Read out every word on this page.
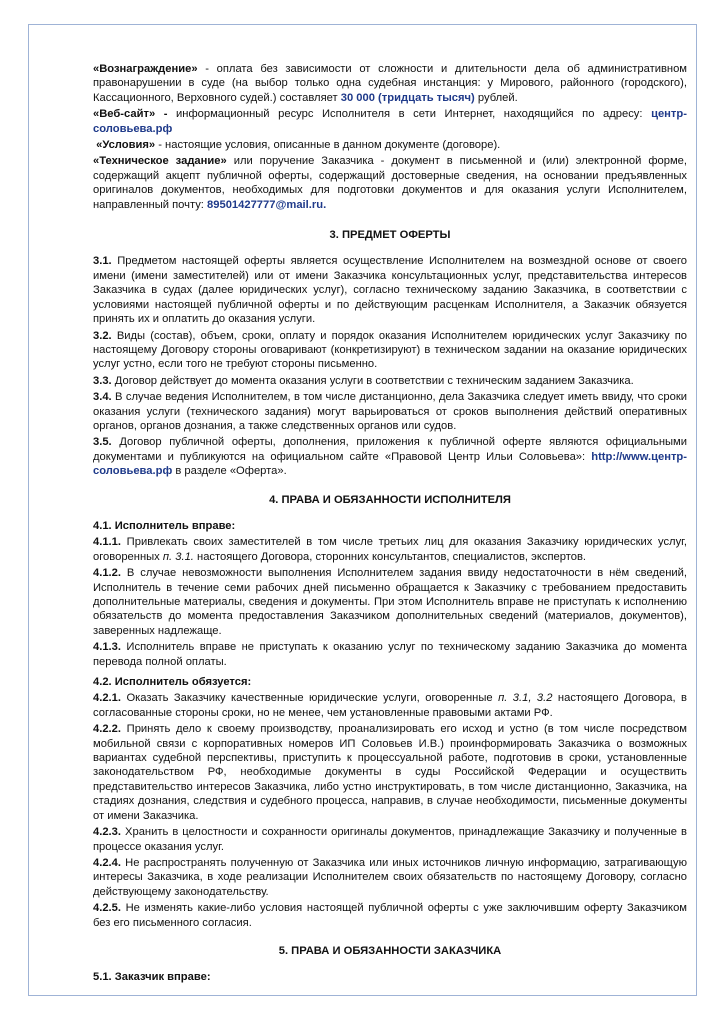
«Вознаграждение» - оплата без зависимости от сложности и длительности дела об административном правонарушении в суде (на выбор только одна судебная инстанция: у Мирового, районного (городского), Кассационного, Верховного судей.) составляет 30 000 (тридцать тысяч) рублей.

«Веб-сайт» - информационный ресурс Исполнителя в сети Интернет, находящийся по адресу: центр-соловьева.рф

«Условия» - настоящие условия, описанные в данном документе (договоре).

«Техническое задание» или поручение Заказчика - документ в письменной и (или) электронной форме, содержащий акцепт публичной оферты, содержащий достоверные сведения, на основании предъявленных оригиналов документов, необходимых для подготовки документов и для оказания услуги Исполнителем, направленный почту: 89501427777@mail.ru.

3. ПРЕДМЕТ ОФЕРТЫ

3.1. Предметом настоящей оферты является осуществление Исполнителем на возмездной основе от своего имени (имени заместителей) или от имени Заказчика консультационных услуг, представительства интересов Заказчика в судах (далее юридических услуг), согласно техническому заданию Заказчика, в соответствии с условиями настоящей публичной оферты и по действующим расценкам Исполнителя, а Заказчик обязуется принять их и оплатить до оказания услуги.

3.2. Виды (состав), объем, сроки, оплату и порядок оказания Исполнителем юридических услуг Заказчику по настоящему Договору стороны оговаривают (конкретизируют) в техническом задании на оказание юридических услуг устно, если того не требуют стороны письменно.

3.3. Договор действует до момента оказания услуги в соответствии с техническим заданием Заказчика.

3.4. В случае ведения Исполнителем, в том числе дистанционно, дела Заказчика следует иметь ввиду, что сроки оказания услуги (технического задания) могут варьироваться от сроков выполнения действий оперативных органов, органов дознания, а также следственных органов или судов.

3.5. Договор публичной оферты, дополнения, приложения к публичной оферте являются официальными документами и публикуются на официальном сайте «Правовой Центр Ильи Соловьева»: http://www.центр-соловьева.рф в разделе «Оферта».

4. ПРАВА И ОБЯЗАННОСТИ ИСПОЛНИТЕЛЯ
4.1. Исполнитель вправе:

4.1.1. Привлекать своих заместителей в том числе третьих лиц для оказания Заказчику юридических услуг, оговоренных п. 3.1. настоящего Договора, сторонних консультантов, специалистов, экспертов.

4.1.2. В случае невозможности выполнения Исполнителем задания ввиду недостаточности в нём сведений, Исполнитель в течение семи рабочих дней письменно обращается к Заказчику с требованием предоставить дополнительные материалы, сведения и документы. При этом Исполнитель вправе не приступать к исполнению обязательств до момента предоставления Заказчиком дополнительных сведений (материалов, документов), заверенных надлежаще.

4.1.3. Исполнитель вправе не приступать к оказанию услуг по техническому заданию Заказчика до момента перевода полной оплаты.

4.2. Исполнитель обязуется:

4.2.1. Оказать Заказчику качественные юридические услуги, оговоренные п. 3.1, 3.2 настоящего Договора, в согласованные стороны сроки, но не менее, чем установленные правовыми актами РФ.

4.2.2. Принять дело к своему производству, проанализировать его исход и устно (в том числе посредством мобильной связи с корпоративных номеров ИП Соловьев И.В.) проинформировать Заказчика о возможных вариантах судебной перспективы, приступить к процессуальной работе, подготовив в сроки, установленные законодательством РФ, необходимые документы в суды Российской Федерации и осуществить представительство интересов Заказчика, либо устно инструктировать, в том числе дистанционно, Заказчика, на стадиях дознания, следствия и судебного процесса, направив, в случае необходимости, письменные документы от имени Заказчика.

4.2.3. Хранить в целостности и сохранности оригиналы документов, принадлежащие Заказчику и полученные в процессе оказания услуг.

4.2.4. Не распространять полученную от Заказчика или иных источников личную информацию, затрагивающую интересы Заказчика, в ходе реализации Исполнителем своих обязательств по настоящему Договору, согласно действующему законодательству.

4.2.5. Не изменять какие-либо условия настоящей публичной оферты с уже заключившим оферту Заказчиком без его письменного согласия.

5. ПРАВА И ОБЯЗАННОСТИ ЗАКАЗЧИКА
5.1. Заказчик вправе:
